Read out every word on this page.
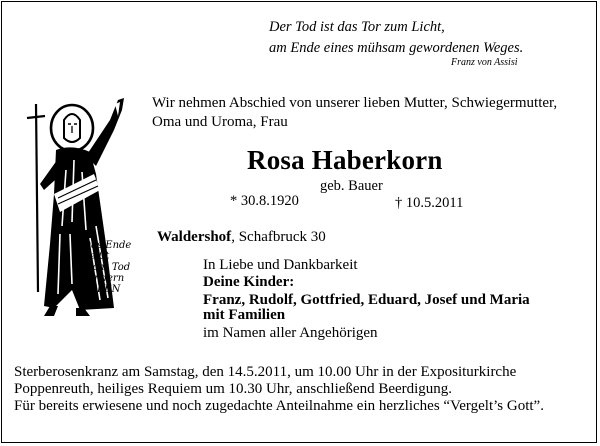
Der Tod ist das Tor zum Licht,
am Ende eines mühsam gewordenen Weges.
Franz von Assisi
Das Ende
heißt
nicht Tod
sondern
LEBEN
Wir nehmen Abschied von unserer lieben Mutter, Schwiegermutter,
Oma und Uroma, Frau
Rosa Haberkorn
geb. Bauer
* 30.8.1920	† 10.5.2011
Waldershof, Schafbruck 30
In Liebe und Dankbarkeit
Deine Kinder:
Franz, Rudolf, Gottfried, Eduard, Josef und Maria
mit Familien
im Namen aller Angehörigen
Sterberosenkranz am Samstag, den 14.5.2011, um 10.00 Uhr in der Expositurkirche
Poppenreuth, heiliges Requiem um 10.30 Uhr, anschließend Beerdigung.
Für bereits erwiesene und noch zugedachte Anteilnahme ein herzliches “Vergelt’s Gott”.
